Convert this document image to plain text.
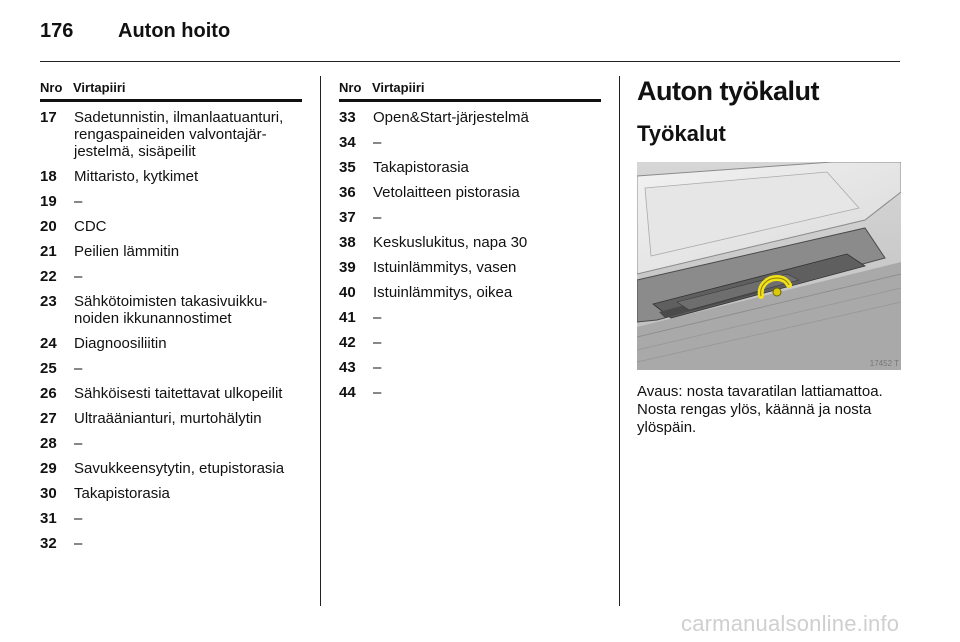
176 Auton hoito
Nro Virtapiiri
17	Sadetunnistin, ilmanlaatuanturi, rengaspaineiden valvontajär-jestelmä, sisäpeilit
18	Mittaristo, kytkimet
19	–
20	CDC
21	Peilien lämmitin
22	–
23	Sähkötoimisten takasivuikku-noiden ikkunannostimet
24	Diagnoosiliitin
25	–
26	Sähköisesti taitettavat ulkopeilit
27	Ultraäänianturi, murtohälytin
28	–
29	Savukkeensytytin, etupistorasia
30	Takapistorasia
31	–
32	–
Nro Virtapiiri
33	Open&Start-järjestelmä
34	–
35	Takapistorasia
36	Vetolaitteen pistorasia
37	–
38	Keskuslukitus, napa 30
39	Istuinlämmitys, vasen
40	Istuinlämmitys, oikea
41	–
42	–
43	–
44	–
Auton työkalut
Työkalut
17452 T
Avaus: nosta tavaratilan lattiamattoa.
Nosta rengas ylös, käännä ja nosta
ylöspäin.
carmanualsonline.info
